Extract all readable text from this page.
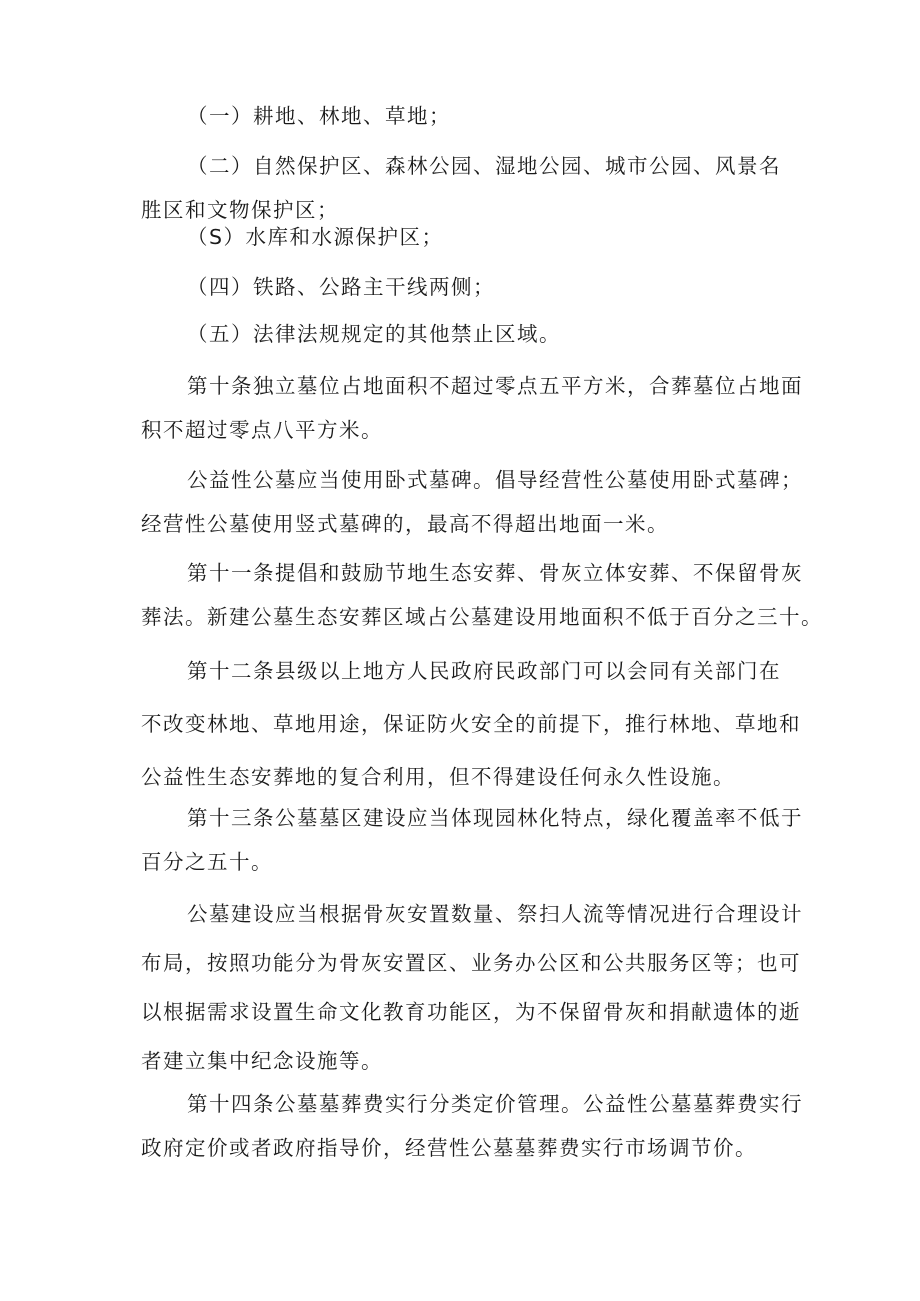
（一）耕地、林地、草地；
（二）自然保护区、森林公园、湿地公园、城市公园、风景名
胜区和文物保护区；
（S）水库和水源保护区；
（四）铁路、公路主干线两侧；
（五）法律法规规定的其他禁止区域。
第十条独立墓位占地面积不超过零点五平方米，合葬墓位占地面
积不超过零点八平方米。
公益性公墓应当使用卧式墓碑。倡导经营性公墓使用卧式墓碑；
经营性公墓使用竖式墓碑的，最高不得超出地面一米。
第十一条提倡和鼓励节地生态安葬、骨灰立体安葬、不保留骨灰
葬法。新建公墓生态安葬区域占公墓建设用地面积不低于百分之三十。
第十二条县级以上地方人民政府民政部门可以会同有关部门在
不改变林地、草地用途，保证防火安全的前提下，推行林地、草地和
公益性生态安葬地的复合利用，但不得建设任何永久性设施。
第十三条公墓墓区建设应当体现园林化特点，绿化覆盖率不低于
百分之五十。
公墓建设应当根据骨灰安置数量、祭扫人流等情况进行合理设计
布局，按照功能分为骨灰安置区、业务办公区和公共服务区等；也可
以根据需求设置生命文化教育功能区，为不保留骨灰和捐献遗体的逝
者建立集中纪念设施等。
第十四条公墓墓葬费实行分类定价管理。公益性公墓墓葬费实行
政府定价或者政府指导价，经营性公墓墓葬费实行市场调节价。
